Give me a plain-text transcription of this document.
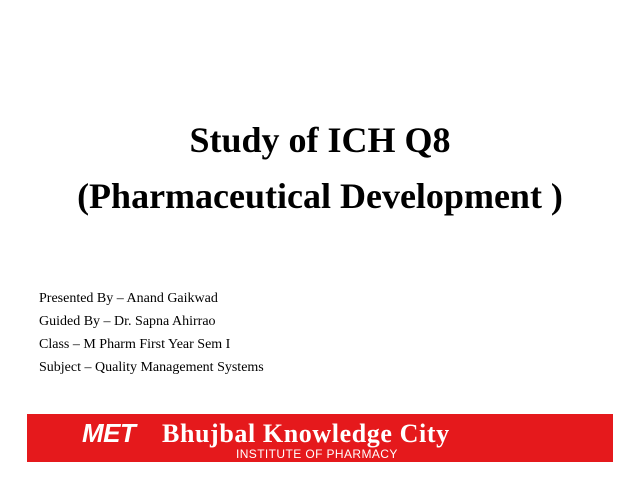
Study of ICH Q8
(Pharmaceutical Development )
Presented By – Anand Gaikwad
Guided By – Dr. Sapna Ahirrao
Class – M Pharm First Year Sem I
Subject – Quality Management Systems
MET Bhujbal Knowledge City
INSTITUTE OF PHARMACY
